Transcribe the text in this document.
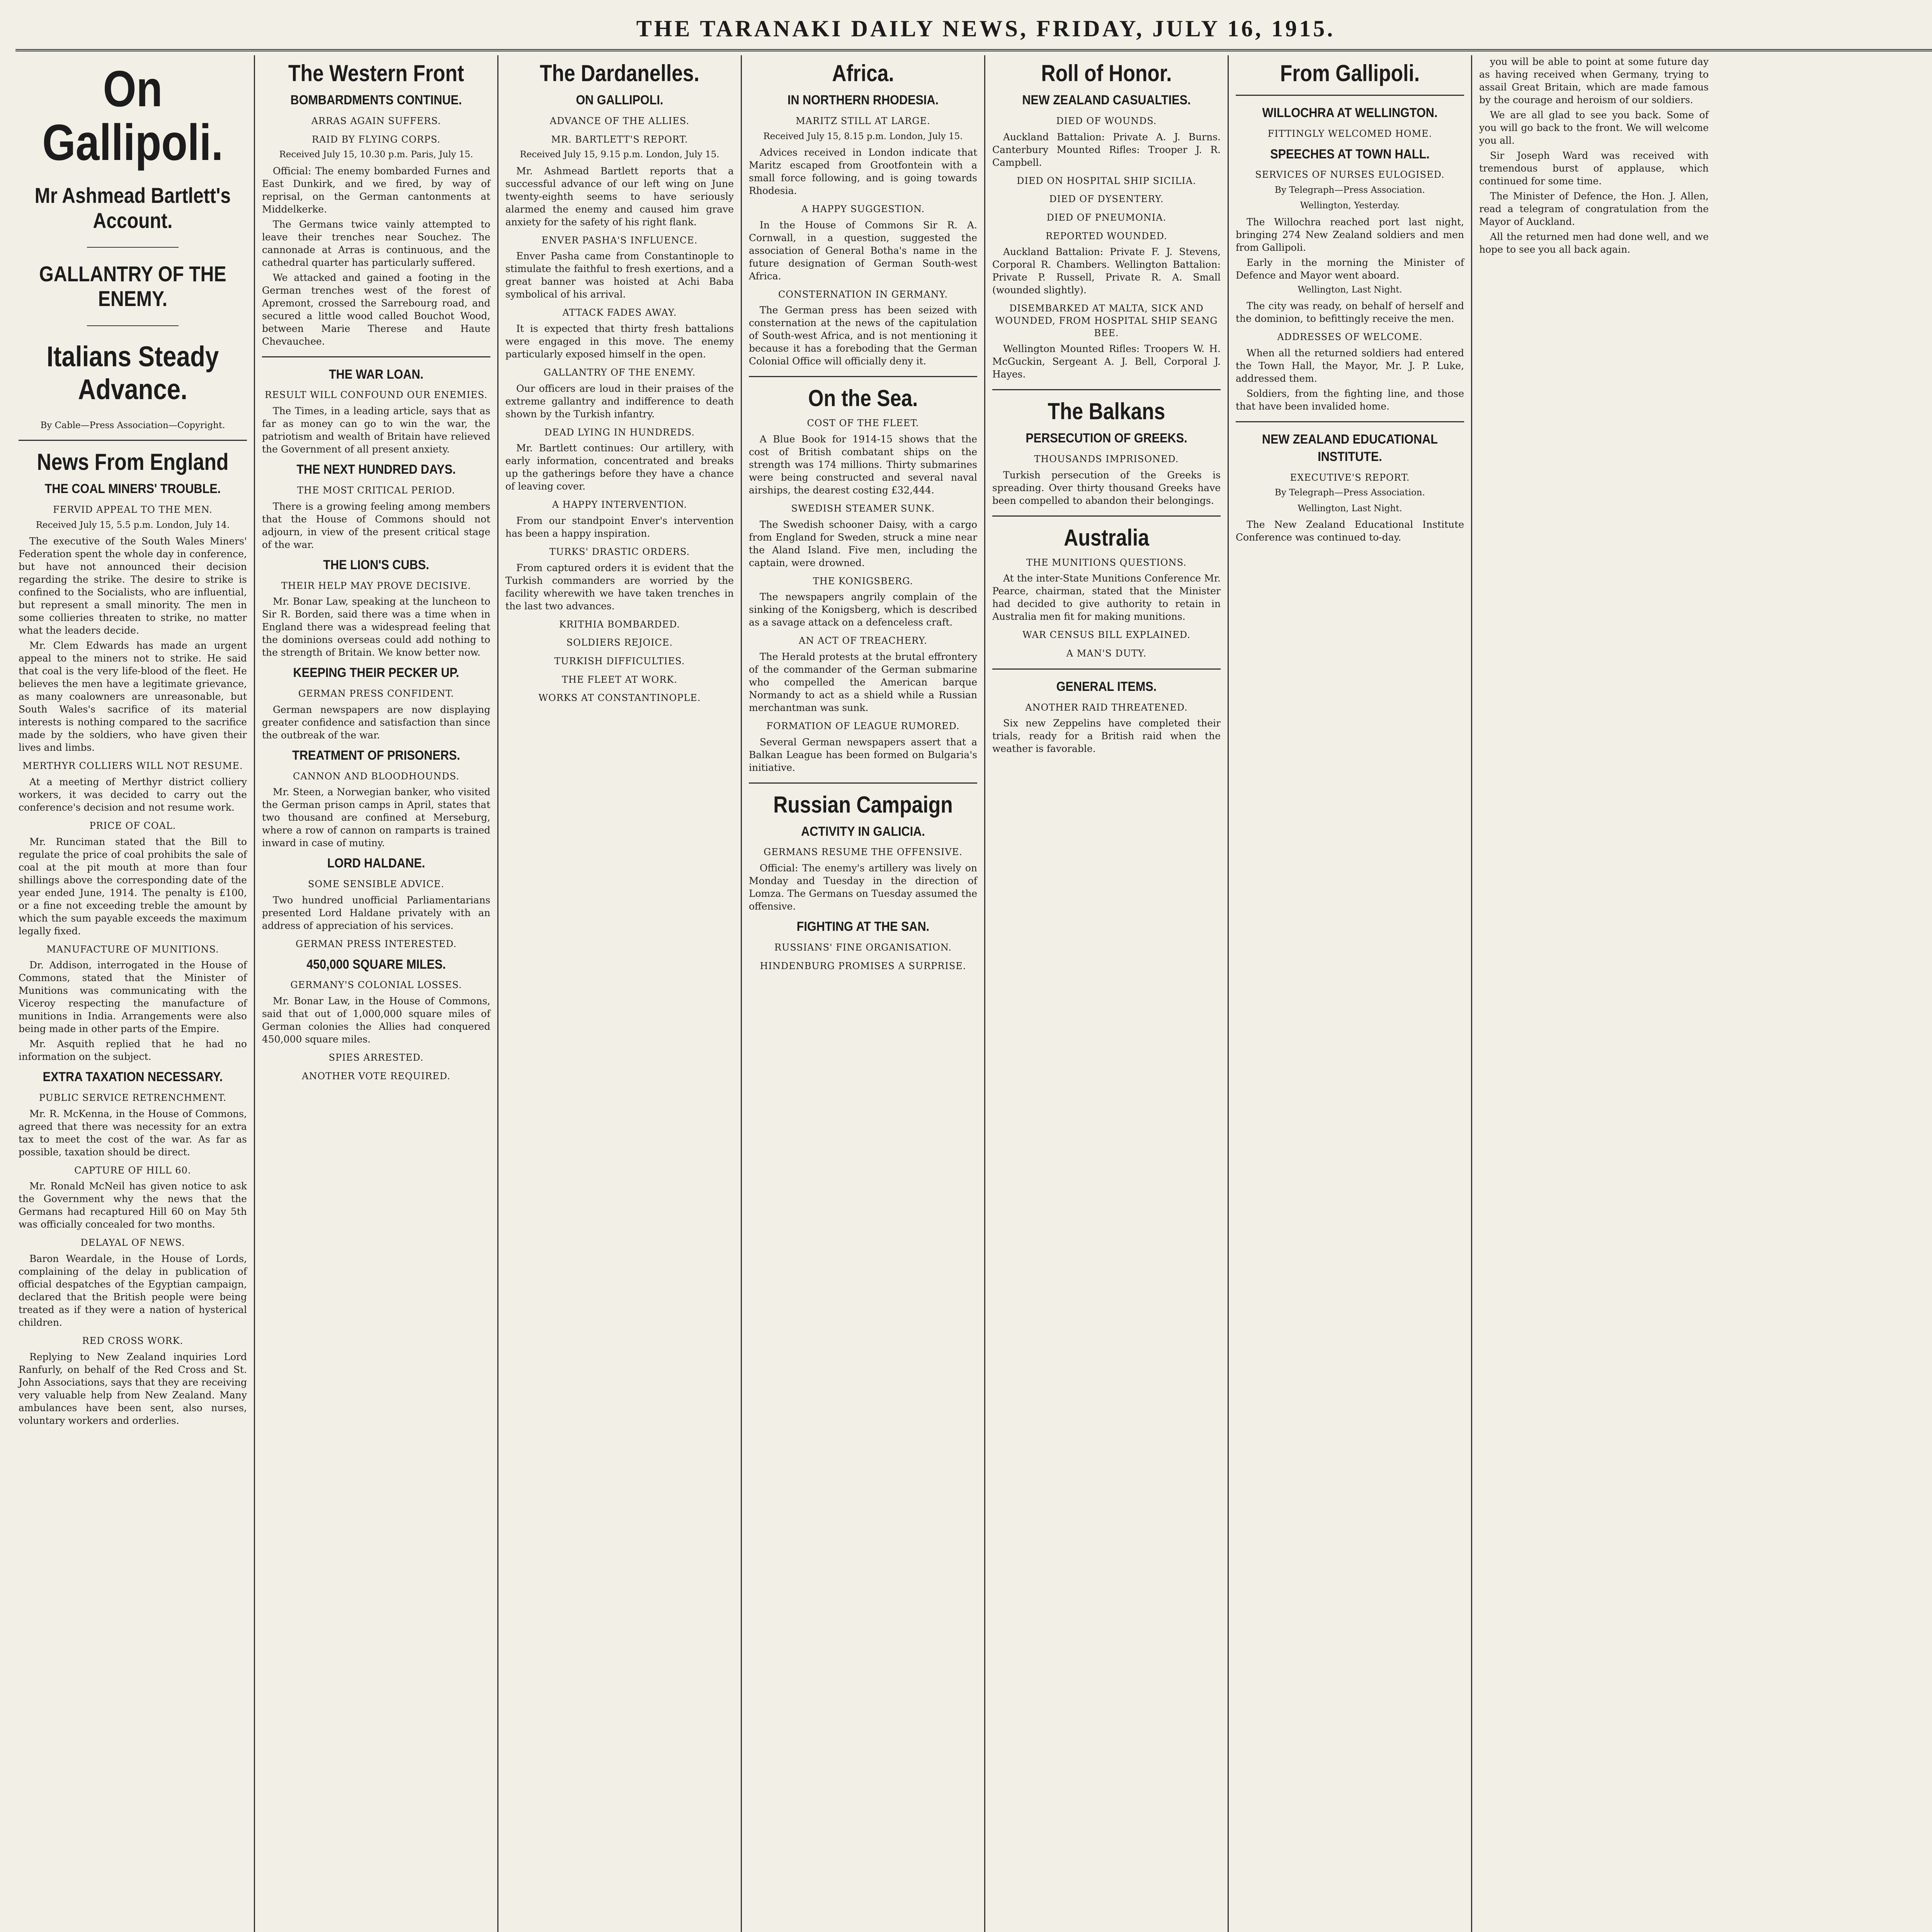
THE TARANAKI DAILY NEWS, FRIDAY, JULY 16, 1915.
On Gallipoli.
Mr Ashmead Bartlett's Account.
GALLANTRY OF THE ENEMY.
Italians Steady Advance.
By Cable—Press Association—Copyright.
News From England
THE COAL MINERS' TROUBLE.
FERVID APPEAL TO THE MEN.
Received July 15, 5.5 p.m. London, July 14.

The executive of the South Wales Miners' Federation spent the whole day in conference, but have not announced their decision regarding the strike. The desire to strike is confined to the Socialists, who are influential, but represent a small minority. The men in some collieries threaten to strike, no matter what the leaders decide.

Mr. Clem Edwards has made an urgent appeal to the miners not to strike. He said that coal is the very life-blood of the fleet. He believes the men have a legitimate grievance, as many coalowners are unreasonable, but South Wales's sacrifice of its material interests is nothing compared to the sacrifice made by the soldiers, who have given their lives and limbs.

MERTHYR COLLIERS WILL NOT RESUME.

At a meeting of Merthyr district colliery workers, it was decided to carry out the conference's decision and not resume work.

PRICE OF COAL.

Mr. Runciman stated that the Bill to regulate the price of coal prohibits the sale of coal at the pit mouth at more than four shillings above the corresponding date of the year ended June, 1914. The penalty is £100, or a fine not exceeding treble the amount by which the sum payable exceeds the maximum legally fixed.

MANUFACTURE OF MUNITIONS.

Dr. Addison, interrogated in the House of Commons, stated that the Minister of Munitions was communicating with the Viceroy respecting the manufacture of munitions in India. Arrangements were also being made in other parts of the Empire.

Mr. Asquith replied that he had no information on the subject.

EXTRA TAXATION NECESSARY.
PUBLIC SERVICE RETRENCHMENT.

Mr. R. McKenna, in the House of Commons, agreed that there was necessity for an extra tax to meet the cost of the war. As far as possible, taxation should be direct.

CAPTURE OF HILL 60.

Mr. Ronald McNeil has given notice to ask the Government why the news that the Germans had recaptured Hill 60 on May 5th was officially concealed for two months.

DELAYAL OF NEWS.

Baron Weardale, in the House of Lords, complaining of the delay in publication of official despatches of the Egyptian campaign, declared that the British people were being treated as if they were a nation of hysterical children.

RED CROSS WORK.

Replying to New Zealand inquiries Lord Ranfurly, on behalf of the Red Cross and St. John Associations, says that they are receiving very valuable help from New Zealand. Many ambulances have been sent, also nurses, voluntary workers and orderlies.

The Western Front
BOMBARDMENTS CONTINUE.
ARRAS AGAIN SUFFERS.
RAID BY FLYING CORPS.
Received July 15, 10.30 p.m. Paris, July 15.

Official: The enemy bombarded Furnes and East Dunkirk, and we fired, by way of reprisal, on the German cantonments at Middelkerke.

The Germans twice vainly attempted to leave their trenches near Souchez. The cannonade at Arras is continuous, and the cathedral quarter has particularly suffered.

We attacked and gained a footing in the German trenches west of the forest of Apremont, crossed the Sarrebourg road, and secured a little wood called Bouchot Wood, between Marie Therese and Haute Chevauchee.

THE WAR LOAN.
RESULT WILL CONFOUND OUR ENEMIES.

The Times, in a leading article, says that as far as money can go to win the war, the patriotism and wealth of Britain have relieved the Government of all present anxiety.

THE NEXT HUNDRED DAYS.
THE MOST CRITICAL PERIOD.

There is a growing feeling among members that the House of Commons should not adjourn, in view of the present critical stage of the war.

THE LION'S CUBS.
THEIR HELP MAY PROVE DECISIVE.

Mr. Bonar Law, speaking at the luncheon to Sir R. Borden, said there was a time when in England there was a widespread feeling that the dominions overseas could add nothing to the strength of Britain. We know better now.

KEEPING THEIR PECKER UP.
GERMAN PRESS CONFIDENT.

German newspapers are now displaying greater confidence and satisfaction than since the outbreak of the war.

TREATMENT OF PRISONERS.
CANNON AND BLOODHOUNDS.

Mr. Steen, a Norwegian banker, who visited the German prison camps in April, states that two thousand are confined at Merseburg, where a row of cannon on ramparts is trained inward in case of mutiny.

LORD HALDANE.
SOME SENSIBLE ADVICE.

Two hundred unofficial Parliamentarians presented Lord Haldane privately with an address of appreciation of his services.

GERMAN PRESS INTERESTED.
450,000 SQUARE MILES.
GERMANY'S COLONIAL LOSSES.

Mr. Bonar Law, in the House of Commons, said that out of 1,000,000 square miles of German colonies the Allies had conquered 450,000 square miles.

SPIES ARRESTED.
ANOTHER VOTE REQUIRED.
The Dardanelles.
ON GALLIPOLI.
ADVANCE OF THE ALLIES.
MR. BARTLETT'S REPORT.
Received July 15, 9.15 p.m. London, July 15.

Mr. Ashmead Bartlett reports that a successful advance of our left wing on June twenty-eighth seems to have seriously alarmed the enemy and caused him grave anxiety for the safety of his right flank.

ENVER PASHA'S INFLUENCE.

Enver Pasha came from Constantinople to stimulate the faithful to fresh exertions, and a great banner was hoisted at Achi Baba symbolical of his arrival.

ATTACK FADES AWAY.

It is expected that thirty fresh battalions were engaged in this move. The enemy particularly exposed himself in the open.

GALLANTRY OF THE ENEMY.

Our officers are loud in their praises of the extreme gallantry and indifference to death shown by the Turkish infantry.

DEAD LYING IN HUNDREDS.

Mr. Bartlett continues: Our artillery, with early information, concentrated and breaks up the gatherings before they have a chance of leaving cover.

A HAPPY INTERVENTION.

From our standpoint Enver's intervention has been a happy inspiration.

TURKS' DRASTIC ORDERS.

From captured orders it is evident that the Turkish commanders are worried by the facility wherewith we have taken trenches in the last two advances.

KRITHIA BOMBARDED.
SOLDIERS REJOICE.
TURKISH DIFFICULTIES.
THE FLEET AT WORK.
WORKS AT CONSTANTINOPLE.
Africa.
IN NORTHERN RHODESIA.
MARITZ STILL AT LARGE.
Received July 15, 8.15 p.m. London, July 15.

Advices received in London indicate that Maritz escaped from Grootfontein with a small force following, and is going towards Rhodesia.

A HAPPY SUGGESTION.

In the House of Commons Sir R. A. Cornwall, in a question, suggested the association of General Botha's name in the future designation of German South-west Africa.

CONSTERNATION IN GERMANY.

The German press has been seized with consternation at the news of the capitulation of South-west Africa, and is not mentioning it because it has a foreboding that the German Colonial Office will officially deny it.

On the Sea.
COST OF THE FLEET.

A Blue Book for 1914-15 shows that the cost of British combatant ships on the strength was 174 millions. Thirty submarines were being constructed and several naval airships, the dearest costing £32,444.

SWEDISH STEAMER SUNK.

The Swedish schooner Daisy, with a cargo from England for Sweden, struck a mine near the Aland Island. Five men, including the captain, were drowned.

THE KONIGSBERG.

The newspapers angrily complain of the sinking of the Konigsberg, which is described as a savage attack on a defenceless craft.

AN ACT OF TREACHERY.

The Herald protests at the brutal effrontery of the commander of the German submarine who compelled the American barque Normandy to act as a shield while a Russian merchantman was sunk.

FORMATION OF LEAGUE RUMORED.

Several German newspapers assert that a Balkan League has been formed on Bulgaria's initiative.

Russian Campaign
ACTIVITY IN GALICIA.
GERMANS RESUME THE OFFENSIVE.

Official: The enemy's artillery was lively on Monday and Tuesday in the direction of Lomza. The Germans on Tuesday assumed the offensive.

FIGHTING AT THE SAN.
RUSSIANS' FINE ORGANISATION.
HINDENBURG PROMISES A SURPRISE.
Roll of Honor.
NEW ZEALAND CASUALTIES.
DIED OF WOUNDS.

Auckland Battalion: Private A. J. Burns. Canterbury Mounted Rifles: Trooper J. R. Campbell.

DIED ON HOSPITAL SHIP SICILIA.
DIED OF DYSENTERY.
DIED OF PNEUMONIA.
REPORTED WOUNDED.

Auckland Battalion: Private F. J. Stevens, Corporal R. Chambers. Wellington Battalion: Private P. Russell, Private R. A. Small (wounded slightly).

DISEMBARKED AT MALTA, SICK AND WOUNDED, FROM HOSPITAL SHIP SEANG BEE.

Wellington Mounted Rifles: Troopers W. H. McGuckin, Sergeant A. J. Bell, Corporal J. Hayes.

The Balkans
PERSECUTION OF GREEKS.
THOUSANDS IMPRISONED.

Turkish persecution of the Greeks is spreading. Over thirty thousand Greeks have been compelled to abandon their belongings.

Australia
THE MUNITIONS QUESTIONS.

At the inter-State Munitions Conference Mr. Pearce, chairman, stated that the Minister had decided to give authority to retain in Australia men fit for making munitions.

WAR CENSUS BILL EXPLAINED.
A MAN'S DUTY.
GENERAL ITEMS.
ANOTHER RAID THREATENED.

Six new Zeppelins have completed their trials, ready for a British raid when the weather is favorable.

From Gallipoli.
WILLOCHRA AT WELLINGTON.
FITTINGLY WELCOMED HOME.
SPEECHES AT TOWN HALL.
SERVICES OF NURSES EULOGISED.
By Telegraph—Press Association.
Wellington, Yesterday.

The Willochra reached port last night, bringing 274 New Zealand soldiers and men from Gallipoli.

Early in the morning the Minister of Defence and Mayor went aboard.

Wellington, Last Night.

The city was ready, on behalf of herself and the dominion, to befittingly receive the men.

ADDRESSES OF WELCOME.

When all the returned soldiers had entered the Town Hall, the Mayor, Mr. J. P. Luke, addressed them.

Soldiers, from the fighting line, and those that have been invalided home.

NEW ZEALAND EDUCATIONAL INSTITUTE.
EXECUTIVE'S REPORT.
By Telegraph—Press Association.
Wellington, Last Night.

The New Zealand Educational Institute Conference was continued to-day.

you will be able to point at some future day as having received when Germany, trying to assail Great Britain, which are made famous by the courage and heroism of our soldiers.

We are all glad to see you back. Some of you will go back to the front. We will welcome you all.

Sir Joseph Ward was received with tremendous burst of applause, which continued for some time.

The Minister of Defence, the Hon. J. Allen, read a telegram of congratulation from the Mayor of Auckland.

All the returned men had done well, and we hope to see you all back again.
